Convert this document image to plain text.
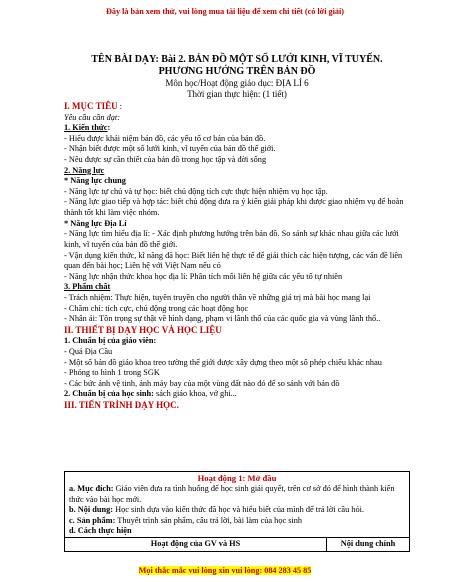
Đây là bản xem thử, vui lòng mua tài liệu để xem chi tiết (có lời giải)

TÊN BÀI DẠY: Bài 2. BẢN ĐỒ MỘT SỐ LƯỚI KINH, VĨ TUYẾN.

PHƯƠNG HƯỚNG TRÊN BẢN ĐỒ

Môn học/Hoạt động giáo dục: ĐỊA LÍ 6

Thời gian thực hiện: (1 tiết)

I. MỤC TIÊU :

Yêu cầu cần đạt:

1. Kiến thức:

- Hiểu được khái niệm bản đồ, các yếu tố cơ bản của bản đồ.

- Nhận biết được một số lưới kinh, vĩ tuyến của bản đồ thế giới.

- Nêu được sự cần thiết của bản đồ trong học tập và đời sống

2. Năng lực

* Năng lực chung

- Năng lực tự chủ và tự học: biết chủ động tích cực thực hiện nhiệm vụ học tập.

- Năng lực giao tiếp và hợp tác: biết chủ động đưa ra ý kiến giải pháp khi được giao nhiệm vụ để hoàn thành tốt khi làm việc nhóm.

* Năng lực Địa Lí

- Năng lực tìm hiểu địa lí: - Xác định phương hướng trên bản đồ. So sánh sự khác nhau giữa các lưới kinh, vĩ tuyến của bản đồ thế giới.

- Vận dụng kiến thức, kĩ năng đã học: Biết liên hệ thực tế để giải thích các hiện tượng, các vấn đề liên quan đến bài học; Liên hệ với Việt Nam nếu có

- Năng lực nhận thức khoa học địa lí: Phân tích mối liên hệ giữa các yếu tố tự nhiên

3. Phẩm chất

- Trách nhiệm: Thực hiện, tuyên truyền cho người thân về những giá trị mà bài học mang lại

- Chăm chỉ: tích cực, chủ động trong các hoạt động học

- Nhân ái: Tôn trọng sự thật về hình dạng, phạm vi lãnh thổ của các quốc gia và vùng lãnh thổ..

II. THIẾT BỊ DẠY HỌC VÀ HỌC LIỆU

1. Chuẩn bị của giáo viên:

- Quả Địa Cầu

- Một số bản đồ giáo khoa treo tường thế giới được xây dựng theo một số phép chiếu khác nhau

- Phóng to hình 1 trong SGK

- Các bức ảnh vệ tinh, ảnh máy bay của một vùng đất nào đó để so sánh với bản đồ

2. Chuẩn bị của học sinh: sách giáo khoa, vở ghi...

III. TIẾN TRÌNH DẠY HỌC.

Hoạt động 1: Mở đầu

a. Mục đích: Giáo viên đưa ra tình huống để học sinh giải quyết, trên cơ sở đó để hình thành kiến thức vào bài học mới.

b. Nội dung: Học sinh dựa vào kiến thức đã học và hiểu biết của mình để trả lời câu hỏi.

c. Sản phẩm: Thuyết trình sản phẩm, câu trả lời, bài làm của học sinh

d. Cách thực hiện

Hoạt động của GV và HS	Nội dung chính
Mọi thắc mắc vui lòng xin vui lòng: 084 283 45 85
